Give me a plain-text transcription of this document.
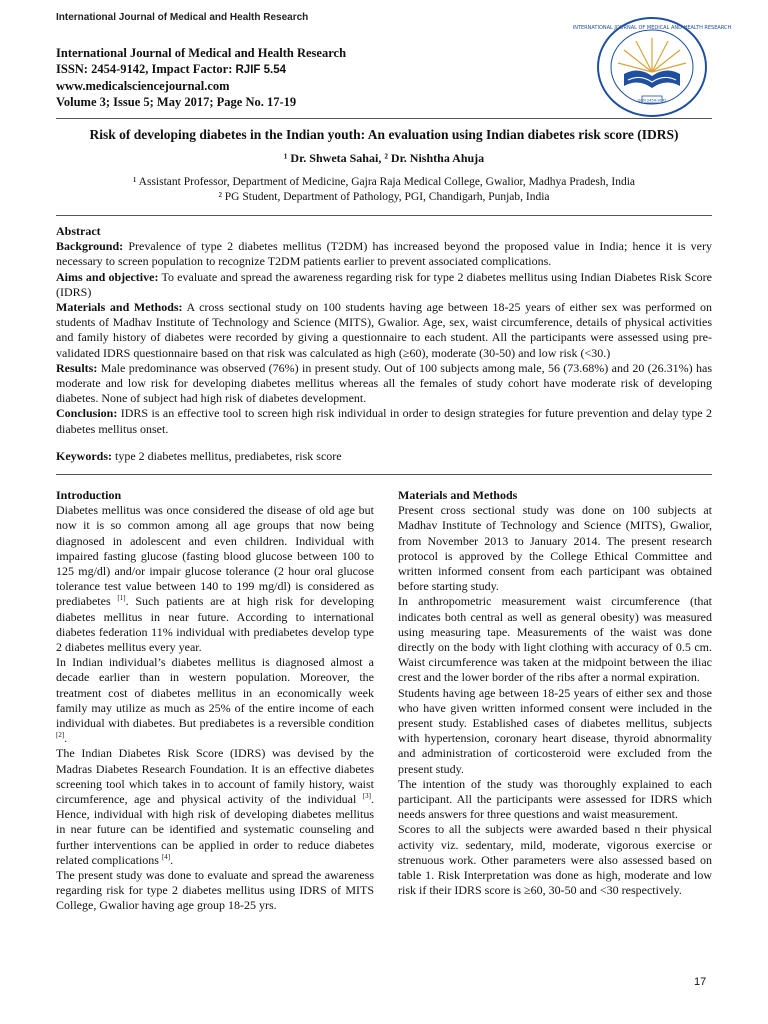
International Journal of Medical and Health Research
International Journal of Medical and Health Research
ISSN: 2454-9142, Impact Factor: RJIF 5.54
www.medicalsciencejournal.com
Volume 3; Issue 5; May 2017; Page No. 17-19
INTERNATIONAL JOURNAL OF MEDICAL AND HEALTH RESEARCH
ISSN 2454-9142
Risk of developing diabetes in the Indian youth: An evaluation using Indian diabetes risk score (IDRS)
¹ Dr. Shweta Sahai, ² Dr. Nishtha Ahuja
¹ Assistant Professor, Department of Medicine, Gajra Raja Medical College, Gwalior, Madhya Pradesh, India
² PG Student, Department of Pathology, PGI, Chandigarh, Punjab, India

Abstract

Background: Prevalence of type 2 diabetes mellitus (T2DM) has increased beyond the proposed value in India; hence it is very necessary to screen population to recognize T2DM patients earlier to prevent associated complications.

Aims and objective: To evaluate and spread the awareness regarding risk for type 2 diabetes mellitus using Indian Diabetes Risk Score (IDRS)

Materials and Methods: A cross sectional study on 100 students having age between 18-25 years of either sex was performed on students of Madhav Institute of Technology and Science (MITS), Gwalior. Age, sex, waist circumference, details of physical activities and family history of diabetes were recorded by giving a questionnaire to each student. All the participants were assessed using pre-validated IDRS questionnaire based on that risk was calculated as high (≥60), moderate (30-50) and low risk (<30.)

Results: Male predominance was observed (76%) in present study. Out of 100 subjects among male, 56 (73.68%) and 20 (26.31%) has moderate and low risk for developing diabetes mellitus whereas all the females of study cohort have moderate risk of developing diabetes. None of subject had high risk of diabetes development.

Conclusion: IDRS is an effective tool to screen high risk individual in order to design strategies for future prevention and delay type 2 diabetes mellitus onset.

Keywords: type 2 diabetes mellitus, prediabetes, risk score

Introduction

Diabetes mellitus was once considered the disease of old age but now it is so common among all age groups that now being diagnosed in adolescent and even children. Individual with impaired fasting glucose (fasting blood glucose between 100 to 125 mg/dl) and/or impair glucose tolerance (2 hour oral glucose tolerance test value between 140 to 199 mg/dl) is considered as prediabetes [1]. Such patients are at high risk for developing diabetes mellitus in near future. According to international diabetes federation 11% individual with prediabetes develop type 2 diabetes mellitus every year.

In Indian individual’s diabetes mellitus is diagnosed almost a decade earlier than in western population. Moreover, the treatment cost of diabetes mellitus in an economically week family may utilize as much as 25% of the entire income of each individual with diabetes. But prediabetes is a reversible condition [2].

The Indian Diabetes Risk Score (IDRS) was devised by the Madras Diabetes Research Foundation. It is an effective diabetes screening tool which takes in to account of family history, waist circumference, age and physical activity of the individual [3]. Hence, individual with high risk of developing diabetes mellitus in near future can be identified and systematic counseling and further interventions can be applied in order to reduce diabetes related complications [4].

The present study was done to evaluate and spread the awareness regarding risk for type 2 diabetes mellitus using IDRS of MITS College, Gwalior having age group 18-25 yrs.

Materials and Methods

Present cross sectional study was done on 100 subjects at Madhav Institute of Technology and Science (MITS), Gwalior, from November 2013 to January 2014. The present research protocol is approved by the College Ethical Committee and written informed consent from each participant was obtained before starting study.

In anthropometric measurement waist circumference (that indicates both central as well as general obesity) was measured using measuring tape. Measurements of the waist was done directly on the body with light clothing with accuracy of 0.5 cm. Waist circumference was taken at the midpoint between the iliac crest and the lower border of the ribs after a normal expiration.

Students having age between 18-25 years of either sex and those who have given written informed consent were included in the present study. Established cases of diabetes mellitus, subjects with hypertension, coronary heart disease, thyroid abnormality and administration of corticosteroid were excluded from the present study.

The intention of the study was thoroughly explained to each participant. All the participants were assessed for IDRS which needs answers for three questions and waist measurement.

Scores to all the subjects were awarded based n their physical activity viz. sedentary, mild, moderate, vigorous exercise or strenuous work. Other parameters were also assessed based on table 1. Risk Interpretation was done as high, moderate and low risk if their IDRS score is ≥60, 30-50 and <30 respectively.

17
